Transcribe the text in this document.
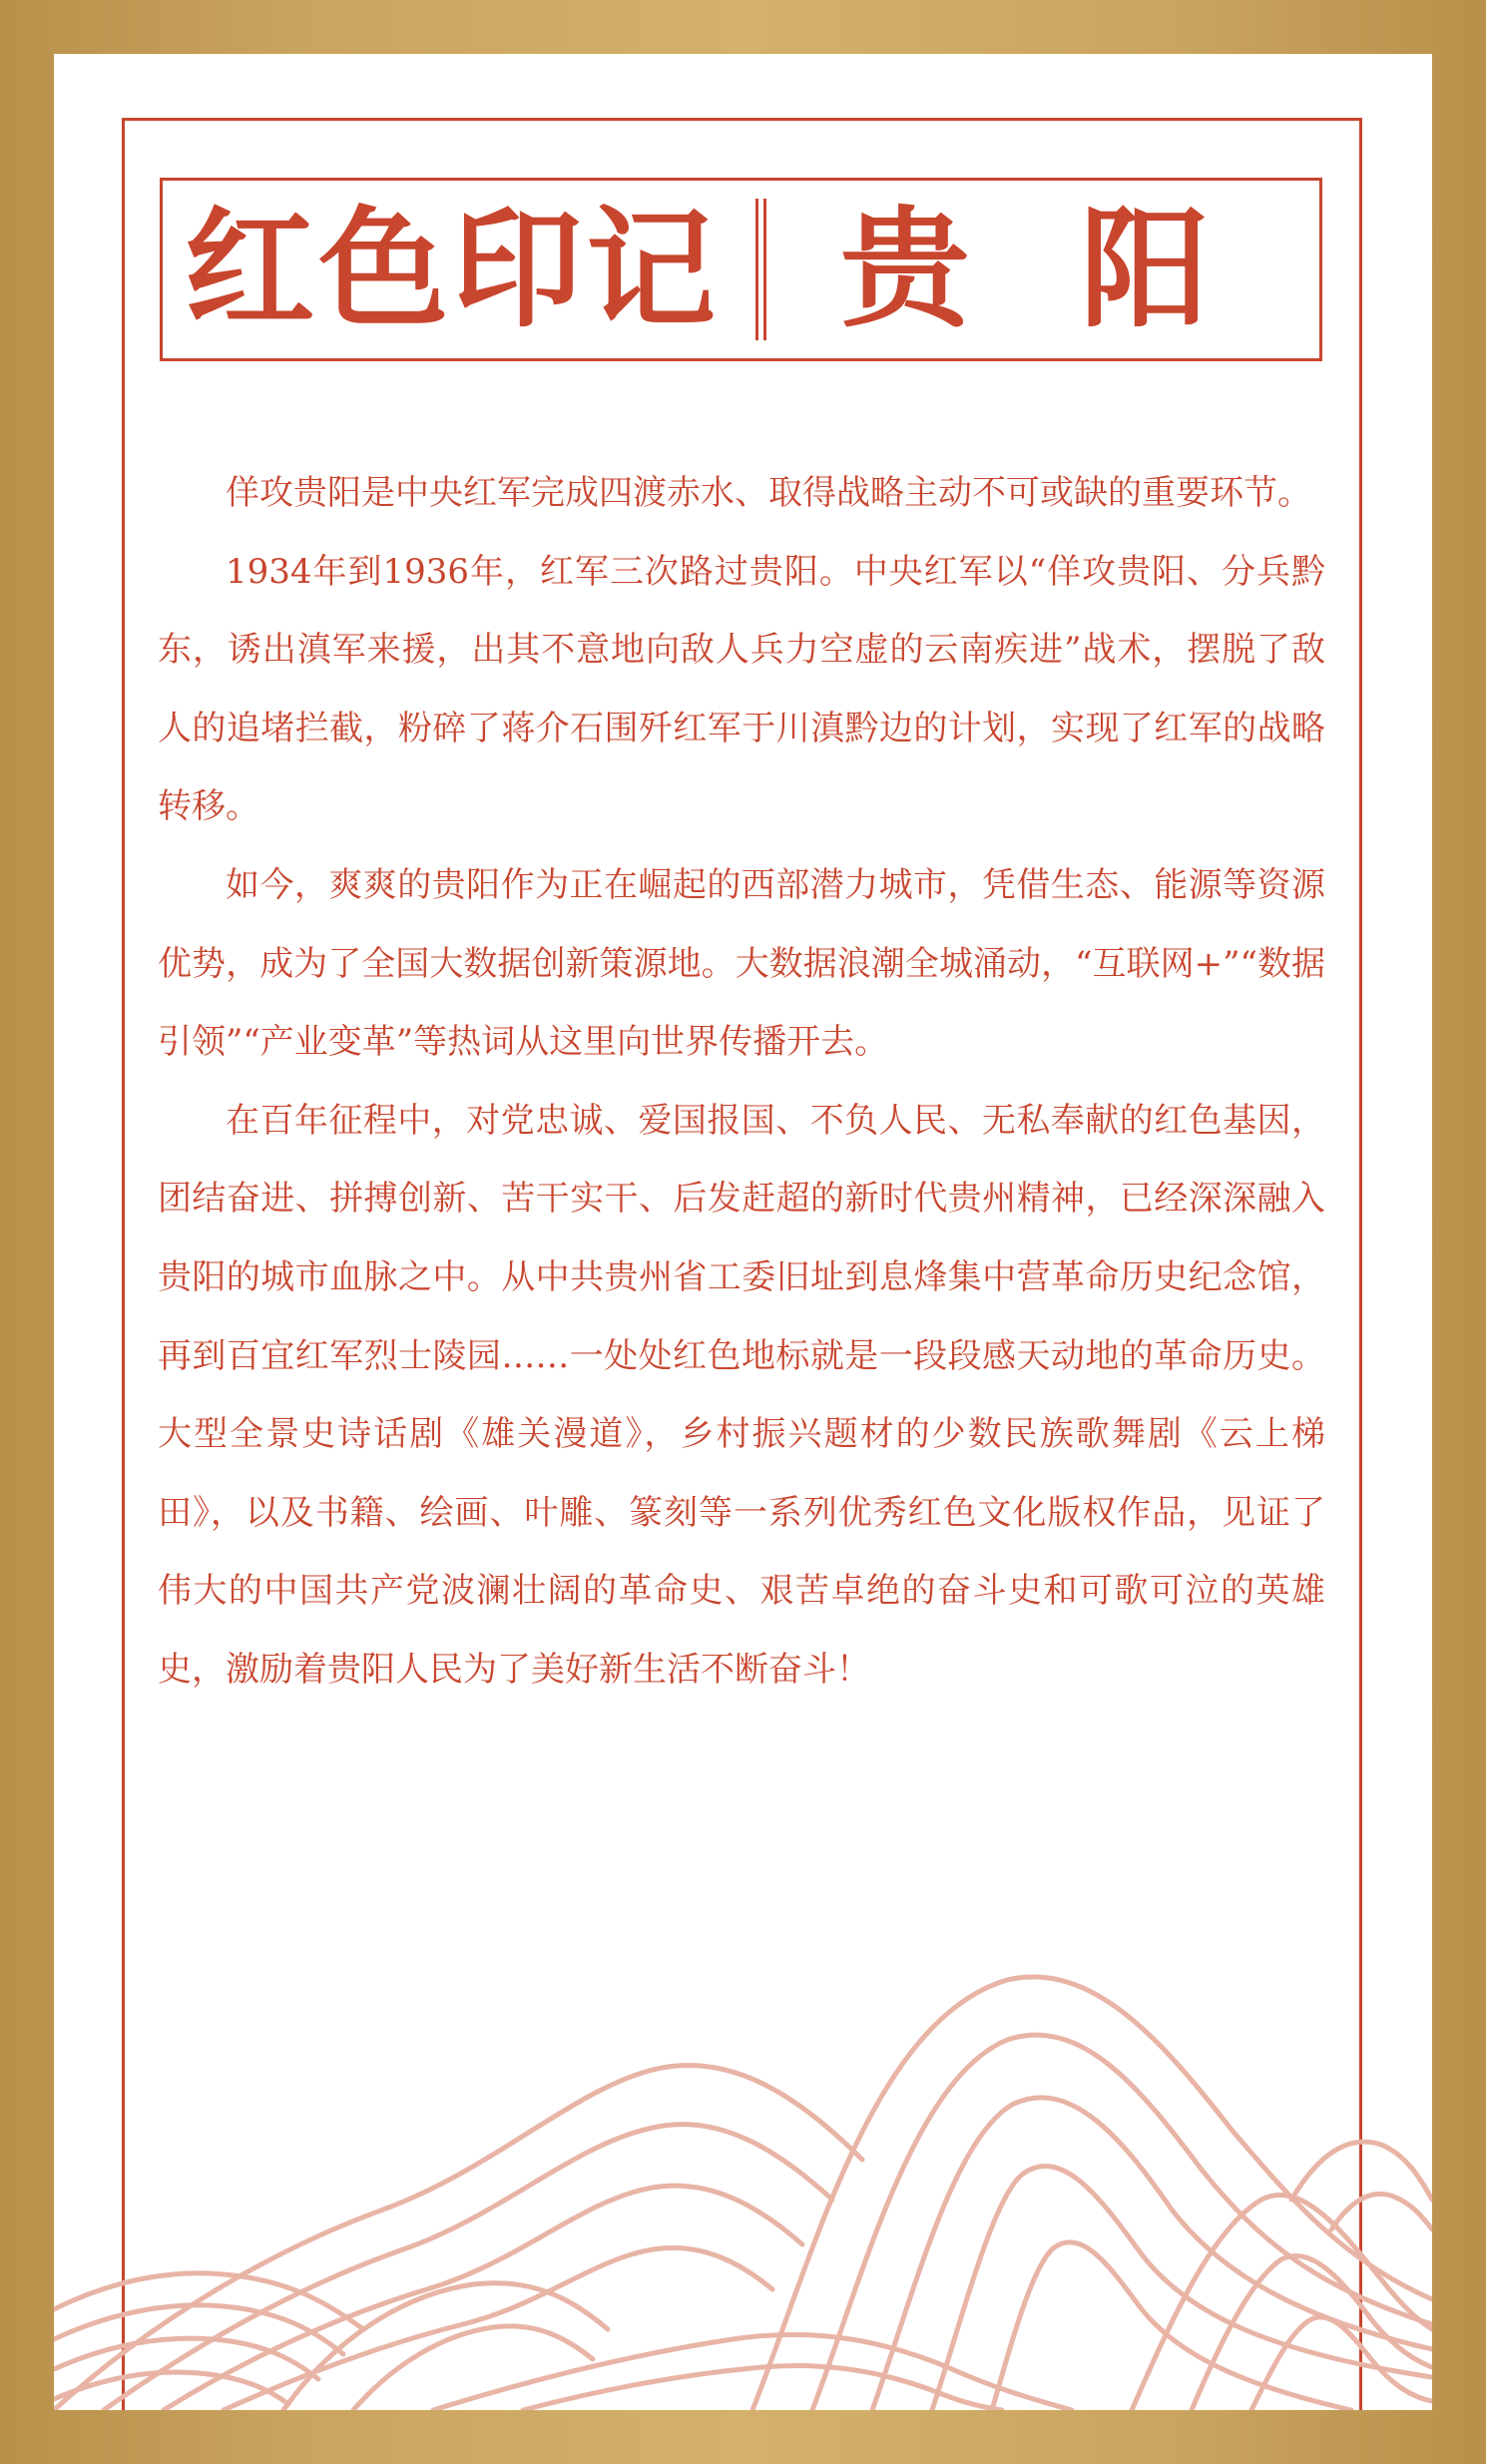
红色印记 贵阳

佯攻贵阳是中央红军完成四渡赤水、取得战略主动不可或缺的重要环节。

1934年到1936年，红军三次路过贵阳。中央红军以“佯攻贵阳、分兵黔东，诱出滇军来援，出其不意地向敌人兵力空虚的云南疾进”战术，摆脱了敌人的追堵拦截，粉碎了蒋介石围歼红军于川滇黔边的计划，实现了红军的战略转移。

如今，爽爽的贵阳作为正在崛起的西部潜力城市，凭借生态、能源等资源优势，成为了全国大数据创新策源地。大数据浪潮全城涌动，“互联网+”“数据引领”“产业变革”等热词从这里向世界传播开去。

在百年征程中，对党忠诚、爱国报国、不负人民、无私奉献的红色基因，团结奋进、拼搏创新、苦干实干、后发赶超的新时代贵州精神，已经深深融入贵阳的城市血脉之中。从中共贵州省工委旧址到息烽集中营革命历史纪念馆，再到百宜红军烈士陵园……一处处红色地标就是一段段感天动地的革命历史。大型全景史诗话剧《雄关漫道》，乡村振兴题材的少数民族歌舞剧《云上梯田》，以及书籍、绘画、叶雕、篆刻等一系列优秀红色文化版权作品，见证了伟大的中国共产党波澜壮阔的革命史、艰苦卓绝的奋斗史和可歌可泣的英雄史，激励着贵阳人民为了美好新生活不断奋斗！
